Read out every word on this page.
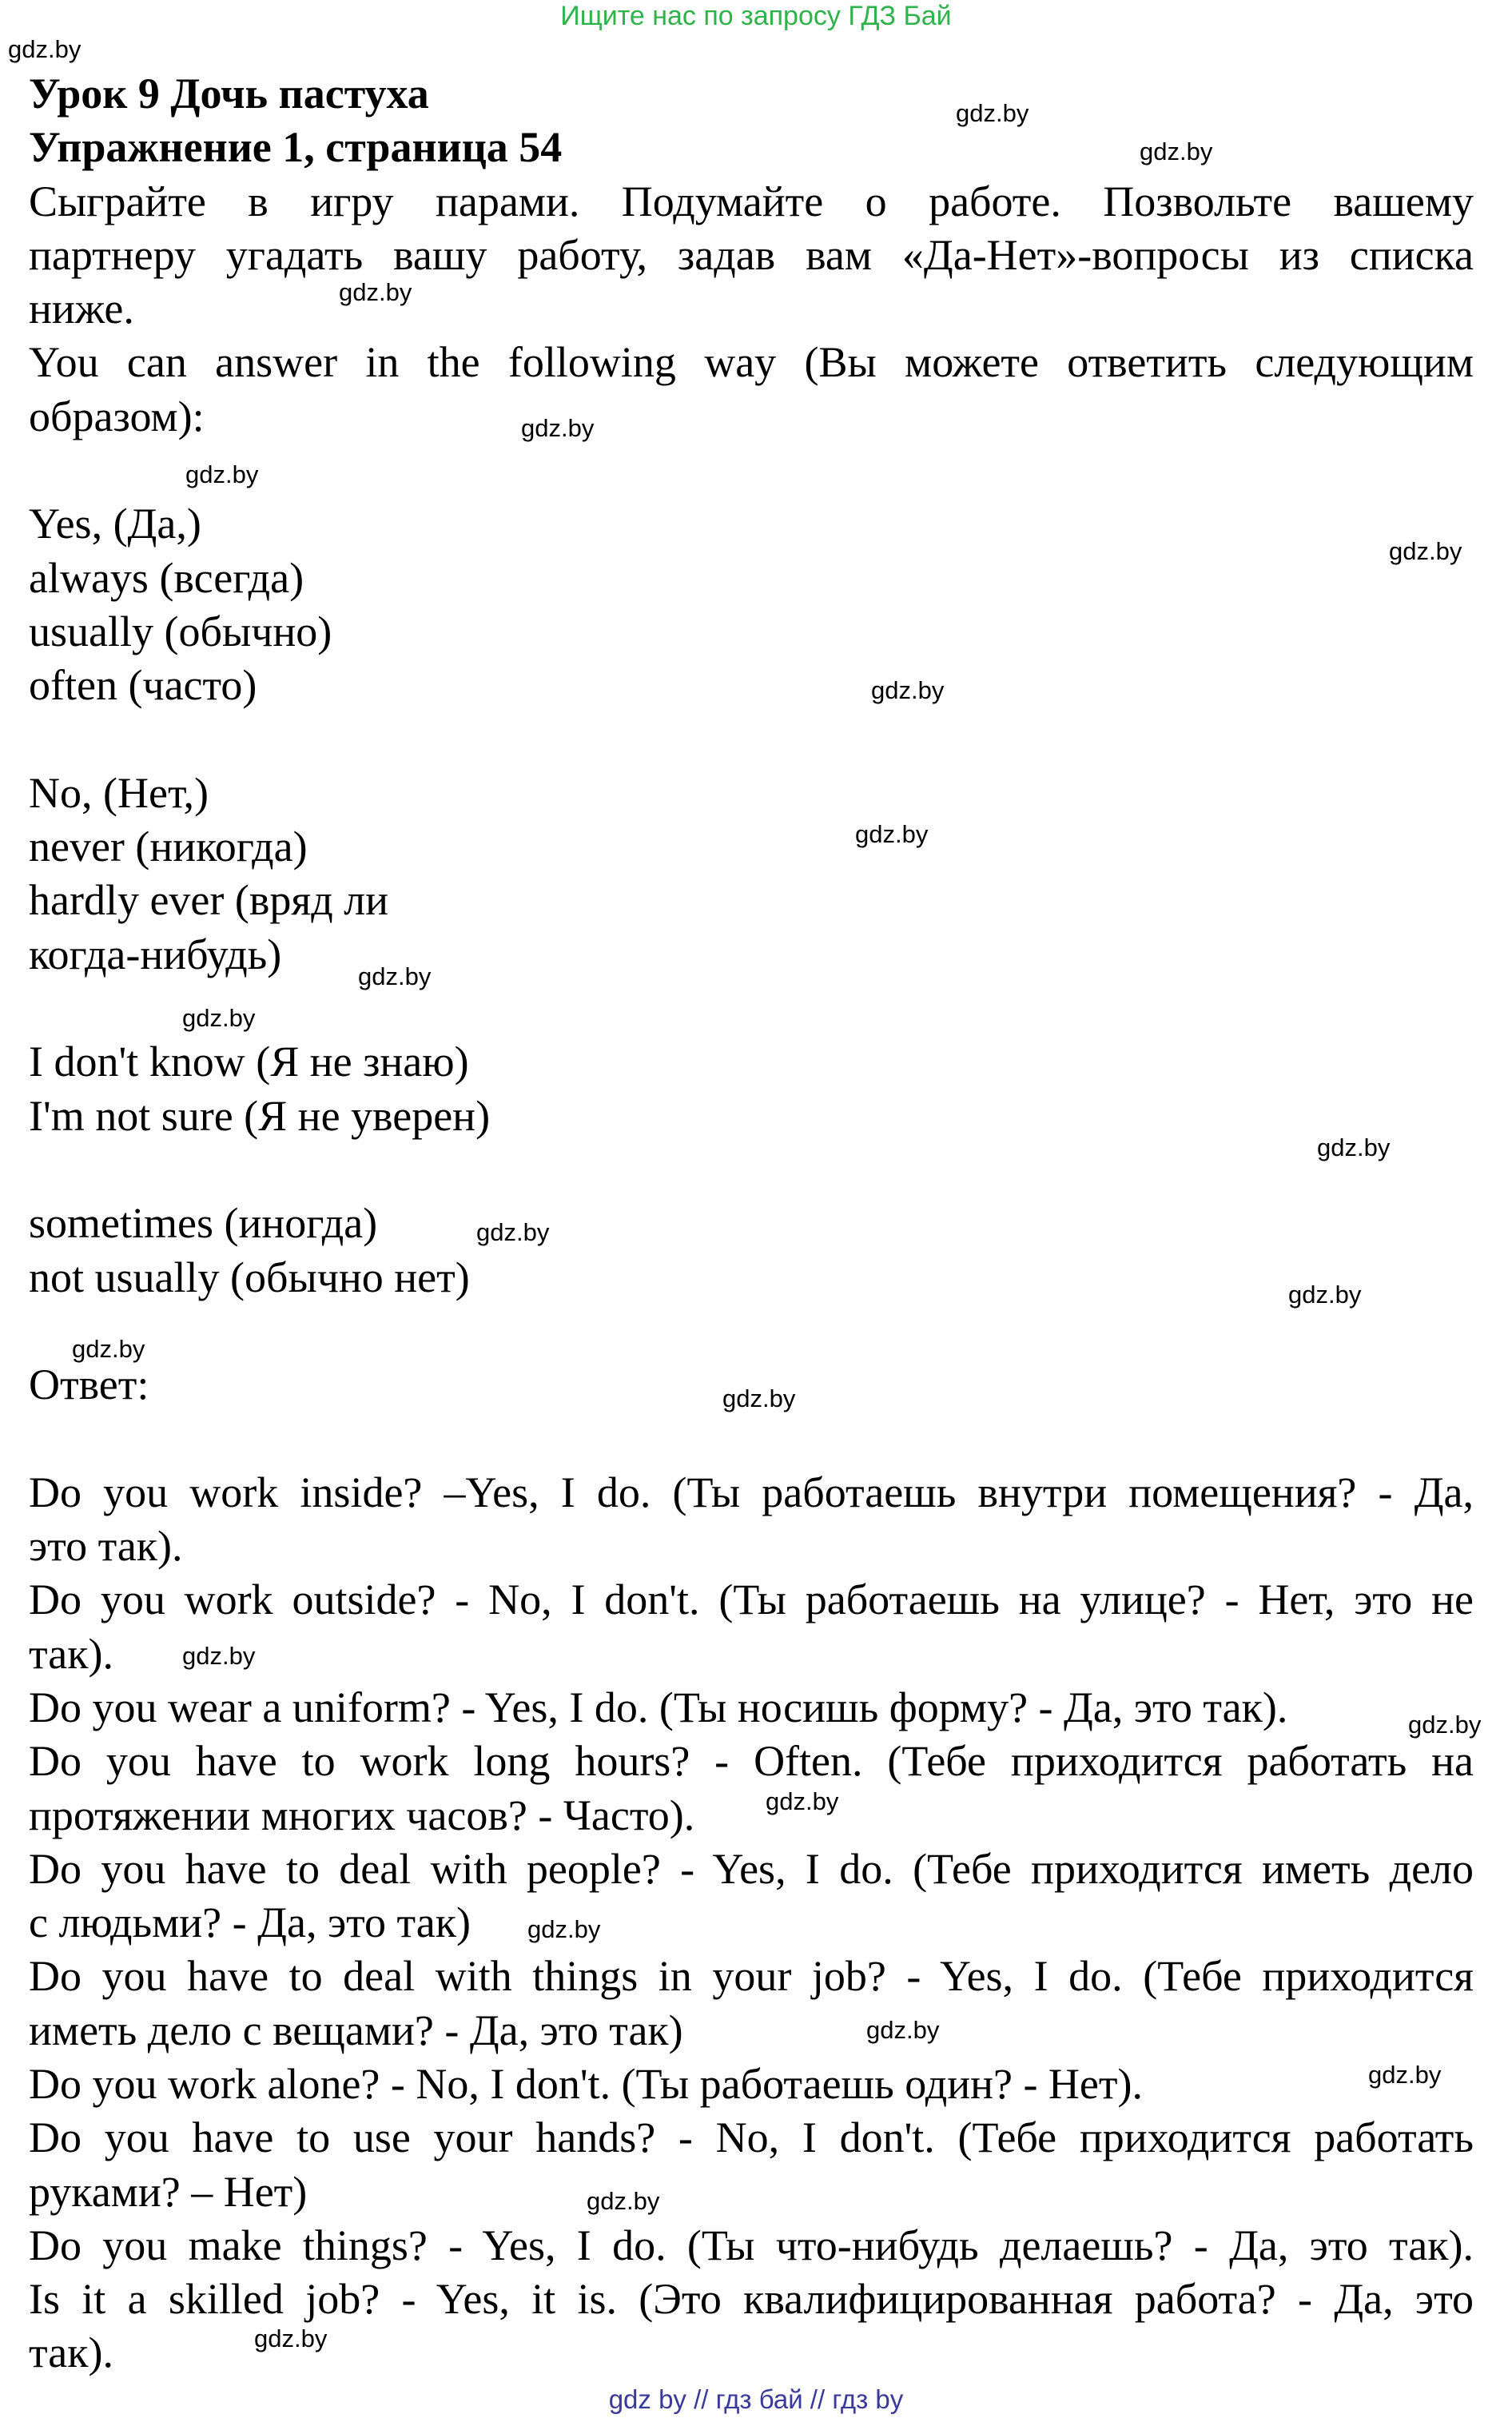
Ищите нас по запросу ГДЗ Бай
Урок 9 Дочь пастуха
Упражнение 1, страница 54
Сыграйте в игру парами. Подумайте о работе. Позвольте вашему
партнеру угадать вашу работу, задав вам «Да-Нет»-вопросы из списка
ниже.
You can answer in the following way (Вы можете ответить следующим
образом):
Yes, (Да,)
always (всегда)
usually (обычно)
often (часто)
No, (Нет,)
never (никогда)
hardly ever (вряд ли
когда-нибудь)
I don't know (Я не знаю)
I'm not sure (Я не уверен)
sometimes (иногда)
not usually (обычно нет)
Ответ:
Do you work inside? –Yes, I do. (Ты работаешь внутри помещения? - Да,
это так).
Do you work outside? - No, I don't. (Ты работаешь на улице? - Нет, это не
так).
Do you wear a uniform? - Yes, I do. (Ты носишь форму? - Да, это так).
Do you have to work long hours? - Often. (Тебе приходится работать на
протяжении многих часов? - Часто).
Do you have to deal with people? - Yes, I do. (Тебе приходится иметь дело
с людьми? - Да, это так)
Do you have to deal with things in your job? - Yes, I do. (Тебе приходится
иметь дело с вещами? - Да, это так)
Do you work alone? - No, I don't. (Ты работаешь один? - Нет).
Do you have to use your hands? - No, I don't. (Тебе приходится работать
руками? – Нет)
Do you make things? - Yes, I do. (Ты что-нибудь делаешь? - Да, это так).
Is it a skilled job? - Yes, it is. (Это квалифицированная работа? - Да, это
так).
gdz.by
gdz.by
gdz.by
gdz.by
gdz.by
gdz.by
gdz.by
gdz.by
gdz.by
gdz.by
gdz.by
gdz.by
gdz.by
gdz.by
gdz.by
gdz.by
gdz.by
gdz.by
gdz.by
gdz.by
gdz.by
gdz.by
gdz.by
gdz.by
gdz by // гдз бай // гдз by
